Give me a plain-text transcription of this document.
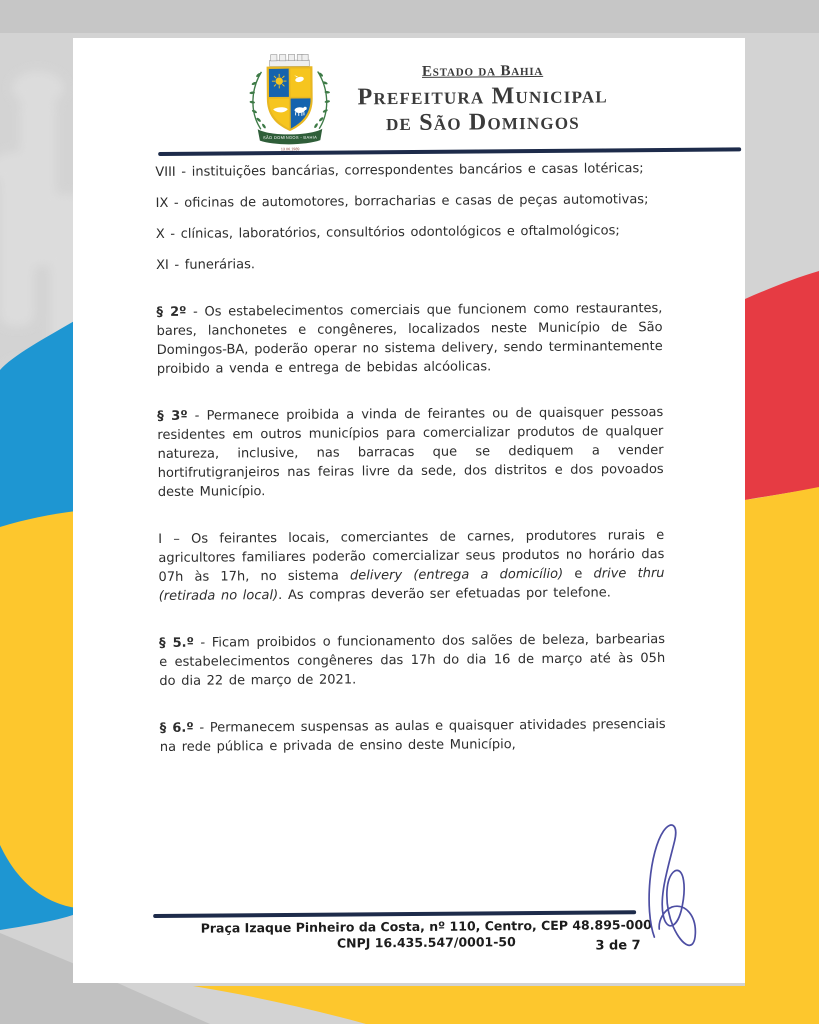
SÃO DOMINGOS - BAHIA
13.06.1989
Estado da Bahia
Prefeitura Municipal
de São Domingos

VIII - instituições bancárias, correspondentes bancários e casas lotéricas;

IX - oficinas de automotores, borracharias e casas de peças automotivas;

X - clínicas, laboratórios, consultórios odontológicos e oftalmológicos;

XI - funerárias.

§ 2º - Os estabelecimentos comerciais que funcionem como restaurantes, bares, lanchonetes e congêneres, localizados neste Município de São Domingos-BA, poderão operar no sistema delivery, sendo terminantemente proibido a venda e entrega de bebidas alcóolicas.

§ 3º - Permanece proibida a vinda de feirantes ou de quaisquer pessoas residentes em outros municípios para comercializar produtos de qualquer natureza, inclusive, nas barracas que se dediquem a vender hortifrutigranjeiros nas feiras livre da sede, dos distritos e dos povoados deste Município.

I – Os feirantes locais, comerciantes de carnes, produtores rurais e agricultores familiares poderão comercializar seus produtos no horário das 07h às 17h, no sistema delivery (entrega a domicílio) e drive thru (retirada no local). As compras deverão ser efetuadas por telefone.

§ 5.º - Ficam proibidos o funcionamento dos salões de beleza, barbearias e estabelecimentos congêneres das 17h do dia 16 de março até às 05h do dia 22 de março de 2021.

§ 6.º - Permanecem suspensas as aulas e quaisquer atividades presenciais na rede pública e privada de ensino deste Município,

Praça Izaque Pinheiro da Costa, nº 110, Centro, CEP 48.895-000
CNPJ 16.435.547/0001-50	3 de 7
